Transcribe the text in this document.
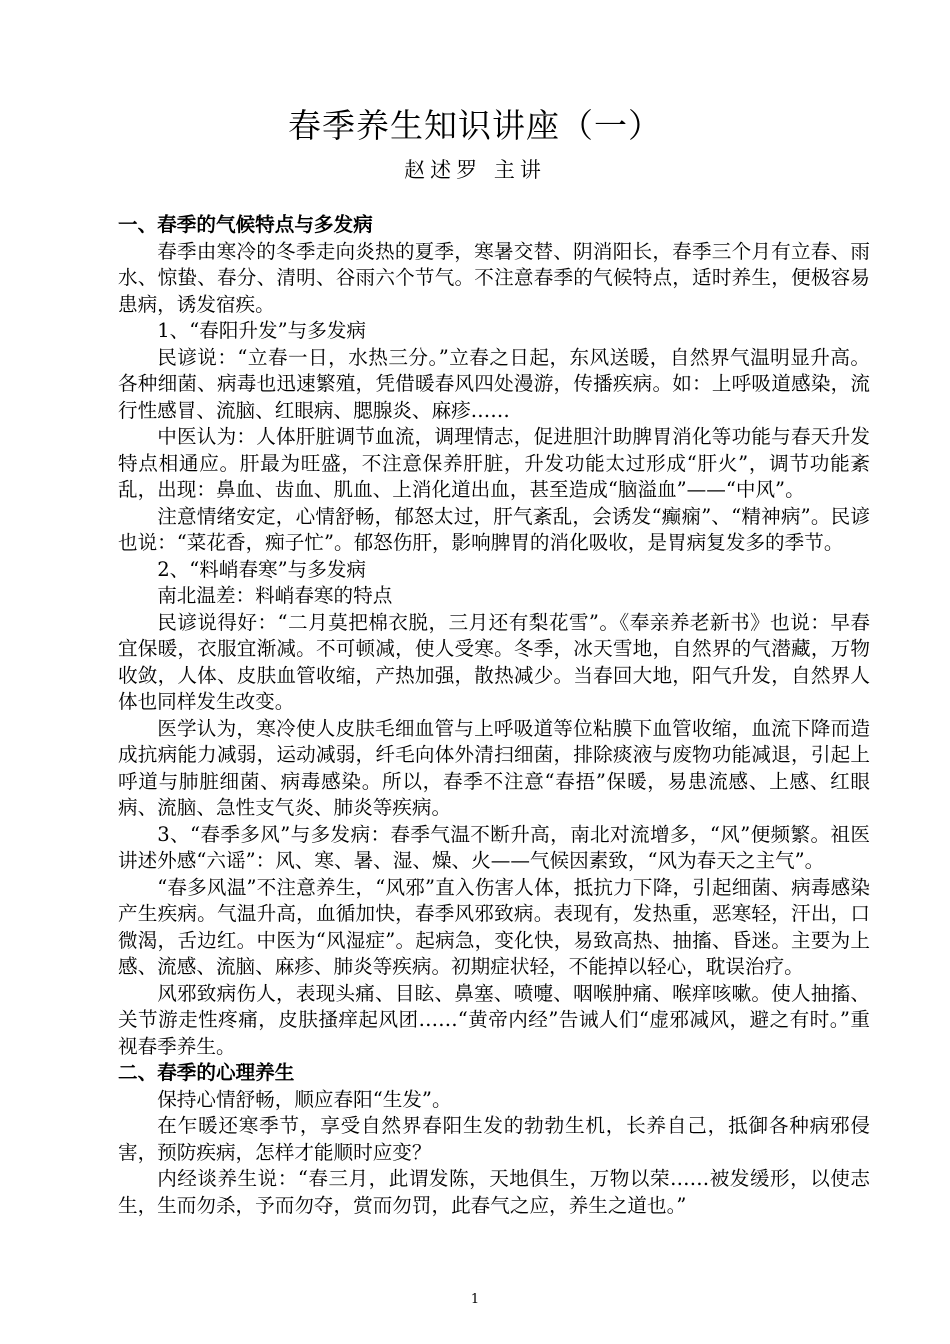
春季养生知识讲座（一）
赵述罗 主讲
一、春季的气候特点与多发病

春季由寒冷的冬季走向炎热的夏季，寒暑交替、阴消阳长，春季三个月有立春、雨水、惊蛰、春分、清明、谷雨六个节气。不注意春季的气候特点，适时养生，便极容易患病，诱发宿疾。

1、“春阳升发”与多发病

民谚说：“立春一日，水热三分。”立春之日起，东风送暖，自然界气温明显升高。各种细菌、病毒也迅速繁殖，凭借暖春风四处漫游，传播疾病。如：上呼吸道感染，流行性感冒、流脑、红眼病、腮腺炎、麻疹……

中医认为：人体肝脏调节血流，调理情志，促进胆汁助脾胃消化等功能与春天升发特点相通应。肝最为旺盛，不注意保养肝脏，升发功能太过形成“肝火”，调节功能紊乱，出现：鼻血、齿血、肌血、上消化道出血，甚至造成“脑溢血”——“中风”。

注意情绪安定，心情舒畅，郁怒太过，肝气紊乱，会诱发“癫痫”、“精神病”。民谚也说：“菜花香，痴子忙”。郁怒伤肝，影响脾胃的消化吸收，是胃病复发多的季节。

2、“料峭春寒”与多发病

南北温差：料峭春寒的特点

民谚说得好：“二月莫把棉衣脱，三月还有梨花雪”。《奉亲养老新书》也说：早春宜保暖，衣服宜渐减。不可顿减，使人受寒。冬季，冰天雪地，自然界的气潜藏，万物收敛，人体、皮肤血管收缩，产热加强，散热减少。当春回大地，阳气升发，自然界人体也同样发生改变。

医学认为，寒冷使人皮肤毛细血管与上呼吸道等位粘膜下血管收缩，血流下降而造成抗病能力减弱，运动减弱，纤毛向体外清扫细菌，排除痰液与废物功能减退，引起上呼道与肺脏细菌、病毒感染。所以，春季不注意“春捂”保暖，易患流感、上感、红眼病、流脑、急性支气炎、肺炎等疾病。

3、“春季多风”与多发病：春季气温不断升高，南北对流增多，“风”便频繁。祖医讲述外感“六谣”：风、寒、暑、湿、燥、火——气候因素致，“风为春天之主气”。

“春多风温”不注意养生，“风邪”直入伤害人体，抵抗力下降，引起细菌、病毒感染产生疾病。气温升高，血循加快，春季风邪致病。表现有，发热重，恶寒轻，汗出，口微渴，舌边红。中医为“风湿症”。起病急，变化快，易致高热、抽搐、昏迷。主要为上感、流感、流脑、麻疹、肺炎等疾病。初期症状轻，不能掉以轻心，耽误治疗。

风邪致病伤人，表现头痛、目眩、鼻塞、喷嚏、咽喉肿痛、喉痒咳嗽。使人抽搐、关节游走性疼痛，皮肤搔痒起风团……“黄帝内经”告诫人们“虚邪减风，避之有时。”重视春季养生。

二、春季的心理养生

保持心情舒畅，顺应春阳“生发”。

在乍暖还寒季节，享受自然界春阳生发的勃勃生机，长养自己，抵御各种病邪侵害，预防疾病，怎样才能顺时应变？

内经谈养生说：“春三月，此谓发陈，天地俱生，万物以荣……被发缓形，以使志生，生而勿杀，予而勿夺，赏而勿罚，此春气之应，养生之道也。”

1
